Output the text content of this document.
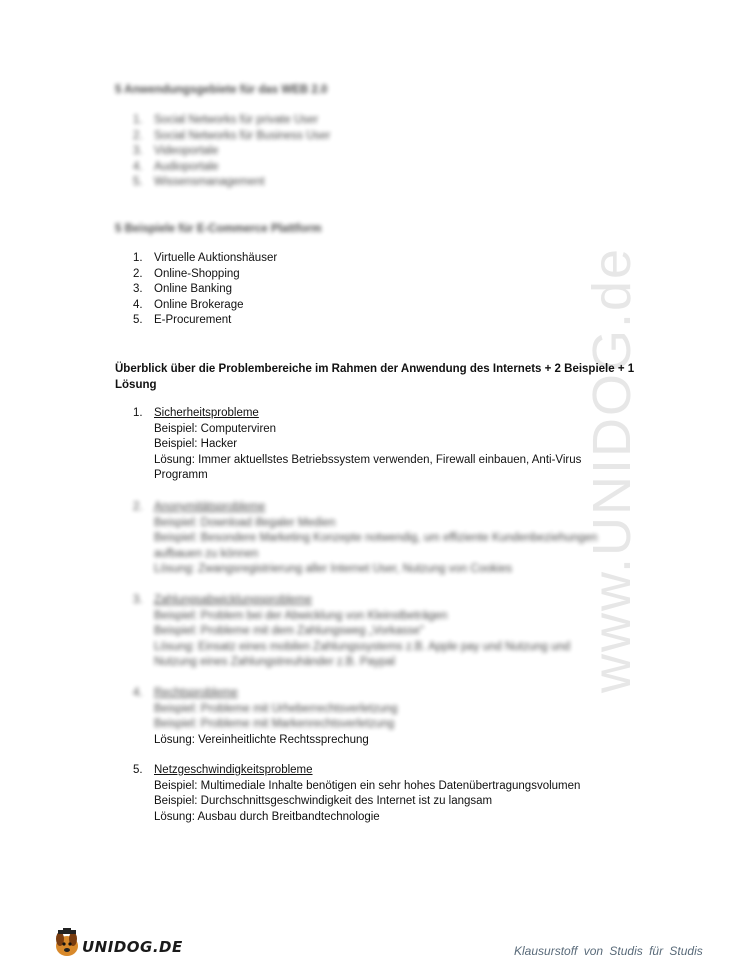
www.UNIDOG.de
5 Anwendungsgebiete für das WEB 2.0
1. Social Networks für private User
2. Social Networks für Business User
3. Videoportale
4. Audioportale
5. Wissensmanagement
5 Beispiele für E-Commerce Plattform
1. Virtuelle Auktionshäuser
2. Online-Shopping
3. Online Banking
4. Online Brokerage
5. E-Procurement
Überblick über die Problembereiche im Rahmen der Anwendung des Internets + 2 Beispiele + 1 Lösung
1. Sicherheitsprobleme
Beispiel: Computerviren
Beispiel: Hacker
Lösung: Immer aktuellstes Betriebssystem verwenden, Firewall einbauen, Anti-Virus Programm
2. Anonymitätsprobleme
Beispiel: Download illegaler Medien
Beispiel: Besondere Marketing Konzepte notwendig, um effiziente Kundenbeziehungen aufbauen zu können
Lösung: Zwangsregistrierung aller Internet User, Nutzung von Cookies
3. Zahlungsabwicklungsprobleme
Beispiel: Problem bei der Abwicklung von Kleinstbeträgen
Beispiel: Probleme mit dem Zahlungsweg „Vorkasse"
Lösung: Einsatz eines mobilen Zahlungssystems z.B. Apple pay und Nutzung und Nutzung eines Zahlungstreuhänder z.B. Paypal
4. Rechtsprobleme
Beispiel: Probleme mit Urheberrechtsverletzung
Beispiel: Probleme mit Markenrechtsverletzung
Lösung: Vereinheitlichte Rechtssprechung
5. Netzgeschwindigkeitsprobleme
Beispiel: Multimediale Inhalte benötigen ein sehr hohes Datenübertragungsvolumen
Beispiel: Durchschnittsgeschwindigkeit des Internet ist zu langsam
Lösung: Ausbau durch Breitbandtechnologie
UNIDOG.DE	Klausurstoff von Studis für Studis
